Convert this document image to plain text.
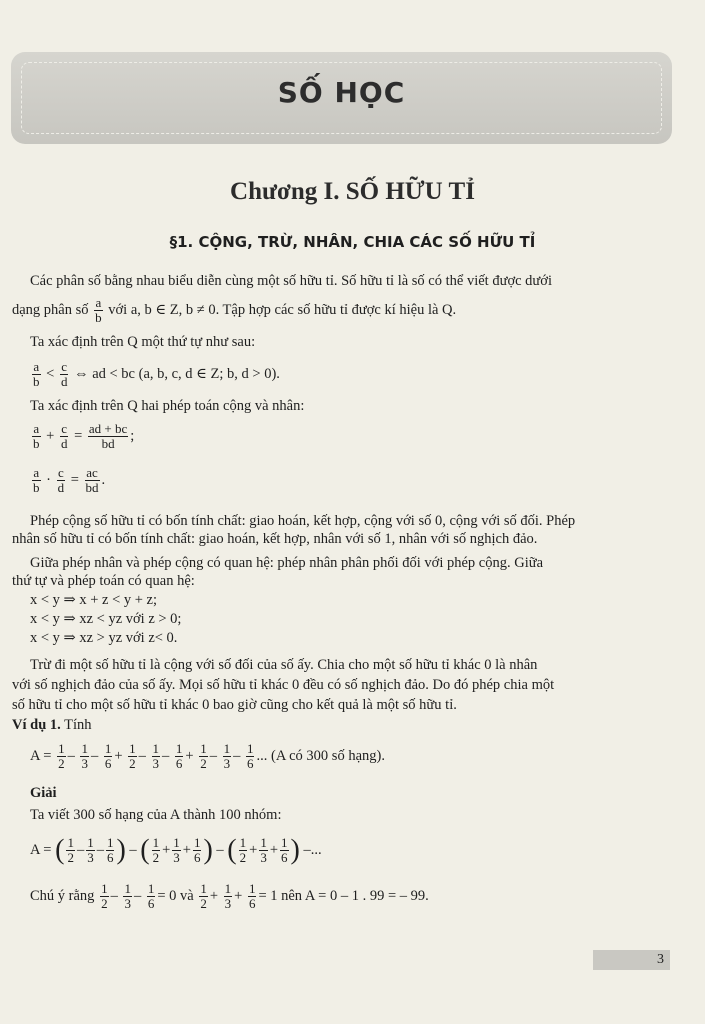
SỐ HỌC
Chương I. SỐ HỮU TỈ
§1. CỘNG, TRỪ, NHÂN, CHIA CÁC SỐ HỮU TỈ
Các phân số bằng nhau biểu diễn cùng một số hữu tỉ. Số hữu tỉ là số có thể viết được dưới
dạng phân số $\frac{a}{b}$ với a, b ∈ Z, b ≠ 0. Tập hợp các số hữu tỉ được kí hiệu là Q.
Ta xác định trên Q một thứ tự như sau:
$\frac{a}{b} < \frac{c}{d}$ ⇔ ad < bc (a, b, c, d ∈ Z; b, d > 0).
Ta xác định trên Q hai phép toán cộng và nhân:
$\frac{a}{b} + \frac{c}{d} = \frac{ad + bc}{bd}$ ;
$\frac{a}{b} \cdot \frac{c}{d} = \frac{ac}{bd}$ .
Phép cộng số hữu tỉ có bốn tính chất: giao hoán, kết hợp, cộng với số 0, cộng với số đối. Phép
nhân số hữu tỉ có bốn tính chất: giao hoán, kết hợp, nhân với số 1, nhân với số nghịch đảo.
Giữa phép nhân và phép cộng có quan hệ: phép nhân phân phối đối với phép cộng. Giữa
thứ tự và phép toán có quan hệ:
x < y ⇒ x + z < y + z;
x < y ⇒ xz < yz với z > 0;
x < y ⇒ xz > yz với z< 0.
Trừ đi một số hữu tỉ là cộng với số đối của số ấy. Chia cho một số hữu tỉ khác 0 là nhân
với số nghịch đảo của số ấy. Mọi số hữu tỉ khác 0 đều có số nghịch đảo. Do đó phép chia một
số hữu tỉ cho một số hữu tỉ khác 0 bao giờ cũng cho kết quả là một số hữu tỉ.
Ví dụ 1. Tính
$A = \frac{1}{2} - \frac{1}{3} - \frac{1}{6} + \frac{1}{2} - \frac{1}{3} - \frac{1}{6} + \frac{1}{2} - \frac{1}{3} - \frac{1}{6}$ ... (A có 300 số hạng).
Giải
Ta viết 300 số hạng của A thành 100 nhóm:
A = ( $\frac{1}{2} - \frac{1}{3} - \frac{1}{6}$ ) – ( $\frac{1}{2} + \frac{1}{3} + \frac{1}{6}$ ) – ( $\frac{1}{2} + \frac{1}{3} + \frac{1}{6}$ ) –...
Chú ý rằng $\frac{1}{2} - \frac{1}{3} - \frac{1}{6} = 0$ và $\frac{1}{2} + \frac{1}{3} + \frac{1}{6} = 1$ nên A = 0 – 1 . 99 = – 99.
3
